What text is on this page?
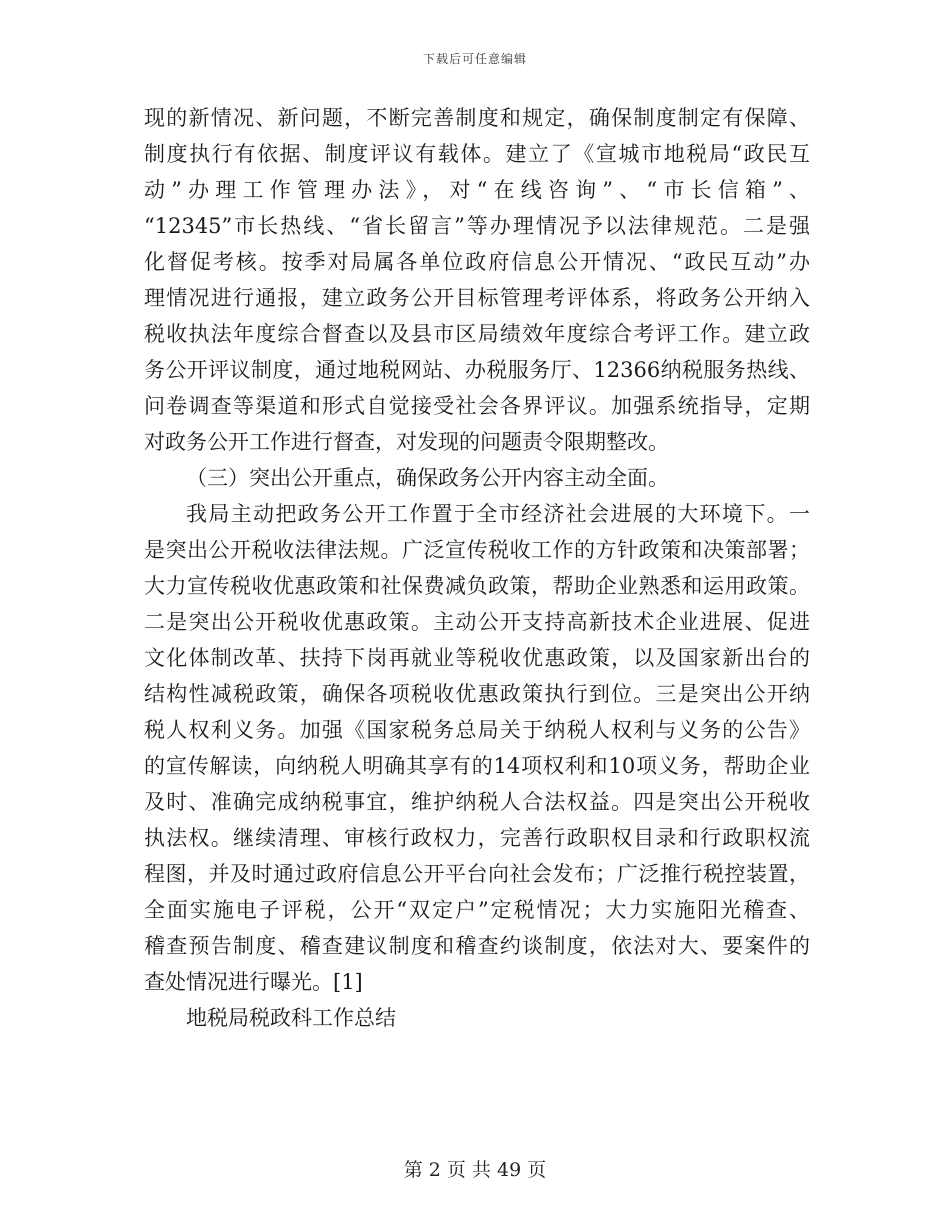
下载后可任意编辑
现的新情况、新问题，不断完善制度和规定，确保制度制定有保障、
制度执行有依据、制度评议有载体。建立了《宣城市地税局“政民互
动”办理工作管理办法》，对“在线咨询”、“市长信箱”、
“12345”市长热线、“省长留言”等办理情况予以法律规范。二是强
化督促考核。按季对局属各单位政府信息公开情况、“政民互动”办
理情况进行通报，建立政务公开目标管理考评体系，将政务公开纳入
税收执法年度综合督查以及县市区局绩效年度综合考评工作。建立政
务公开评议制度，通过地税网站、办税服务厅、12366纳税服务热线、
问卷调查等渠道和形式自觉接受社会各界评议。加强系统指导，定期
对政务公开工作进行督查，对发现的问题责令限期整改。
（三）突出公开重点，确保政务公开内容主动全面。
我局主动把政务公开工作置于全市经济社会进展的大环境下。一
是突出公开税收法律法规。广泛宣传税收工作的方针政策和决策部署；
大力宣传税收优惠政策和社保费减负政策，帮助企业熟悉和运用政策。
二是突出公开税收优惠政策。主动公开支持高新技术企业进展、促进
文化体制改革、扶持下岗再就业等税收优惠政策，以及国家新出台的
结构性减税政策，确保各项税收优惠政策执行到位。三是突出公开纳
税人权利义务。加强《国家税务总局关于纳税人权利与义务的公告》
的宣传解读，向纳税人明确其享有的14项权利和10项义务，帮助企业
及时、准确完成纳税事宜，维护纳税人合法权益。四是突出公开税收
执法权。继续清理、审核行政权力，完善行政职权目录和行政职权流
程图，并及时通过政府信息公开平台向社会发布；广泛推行税控装置，
全面实施电子评税，公开“双定户”定税情况；大力实施阳光稽查、
稽查预告制度、稽查建议制度和稽查约谈制度，依法对大、要案件的
查处情况进行曝光。[1]
地税局税政科工作总结
第 2 页 共 49 页
